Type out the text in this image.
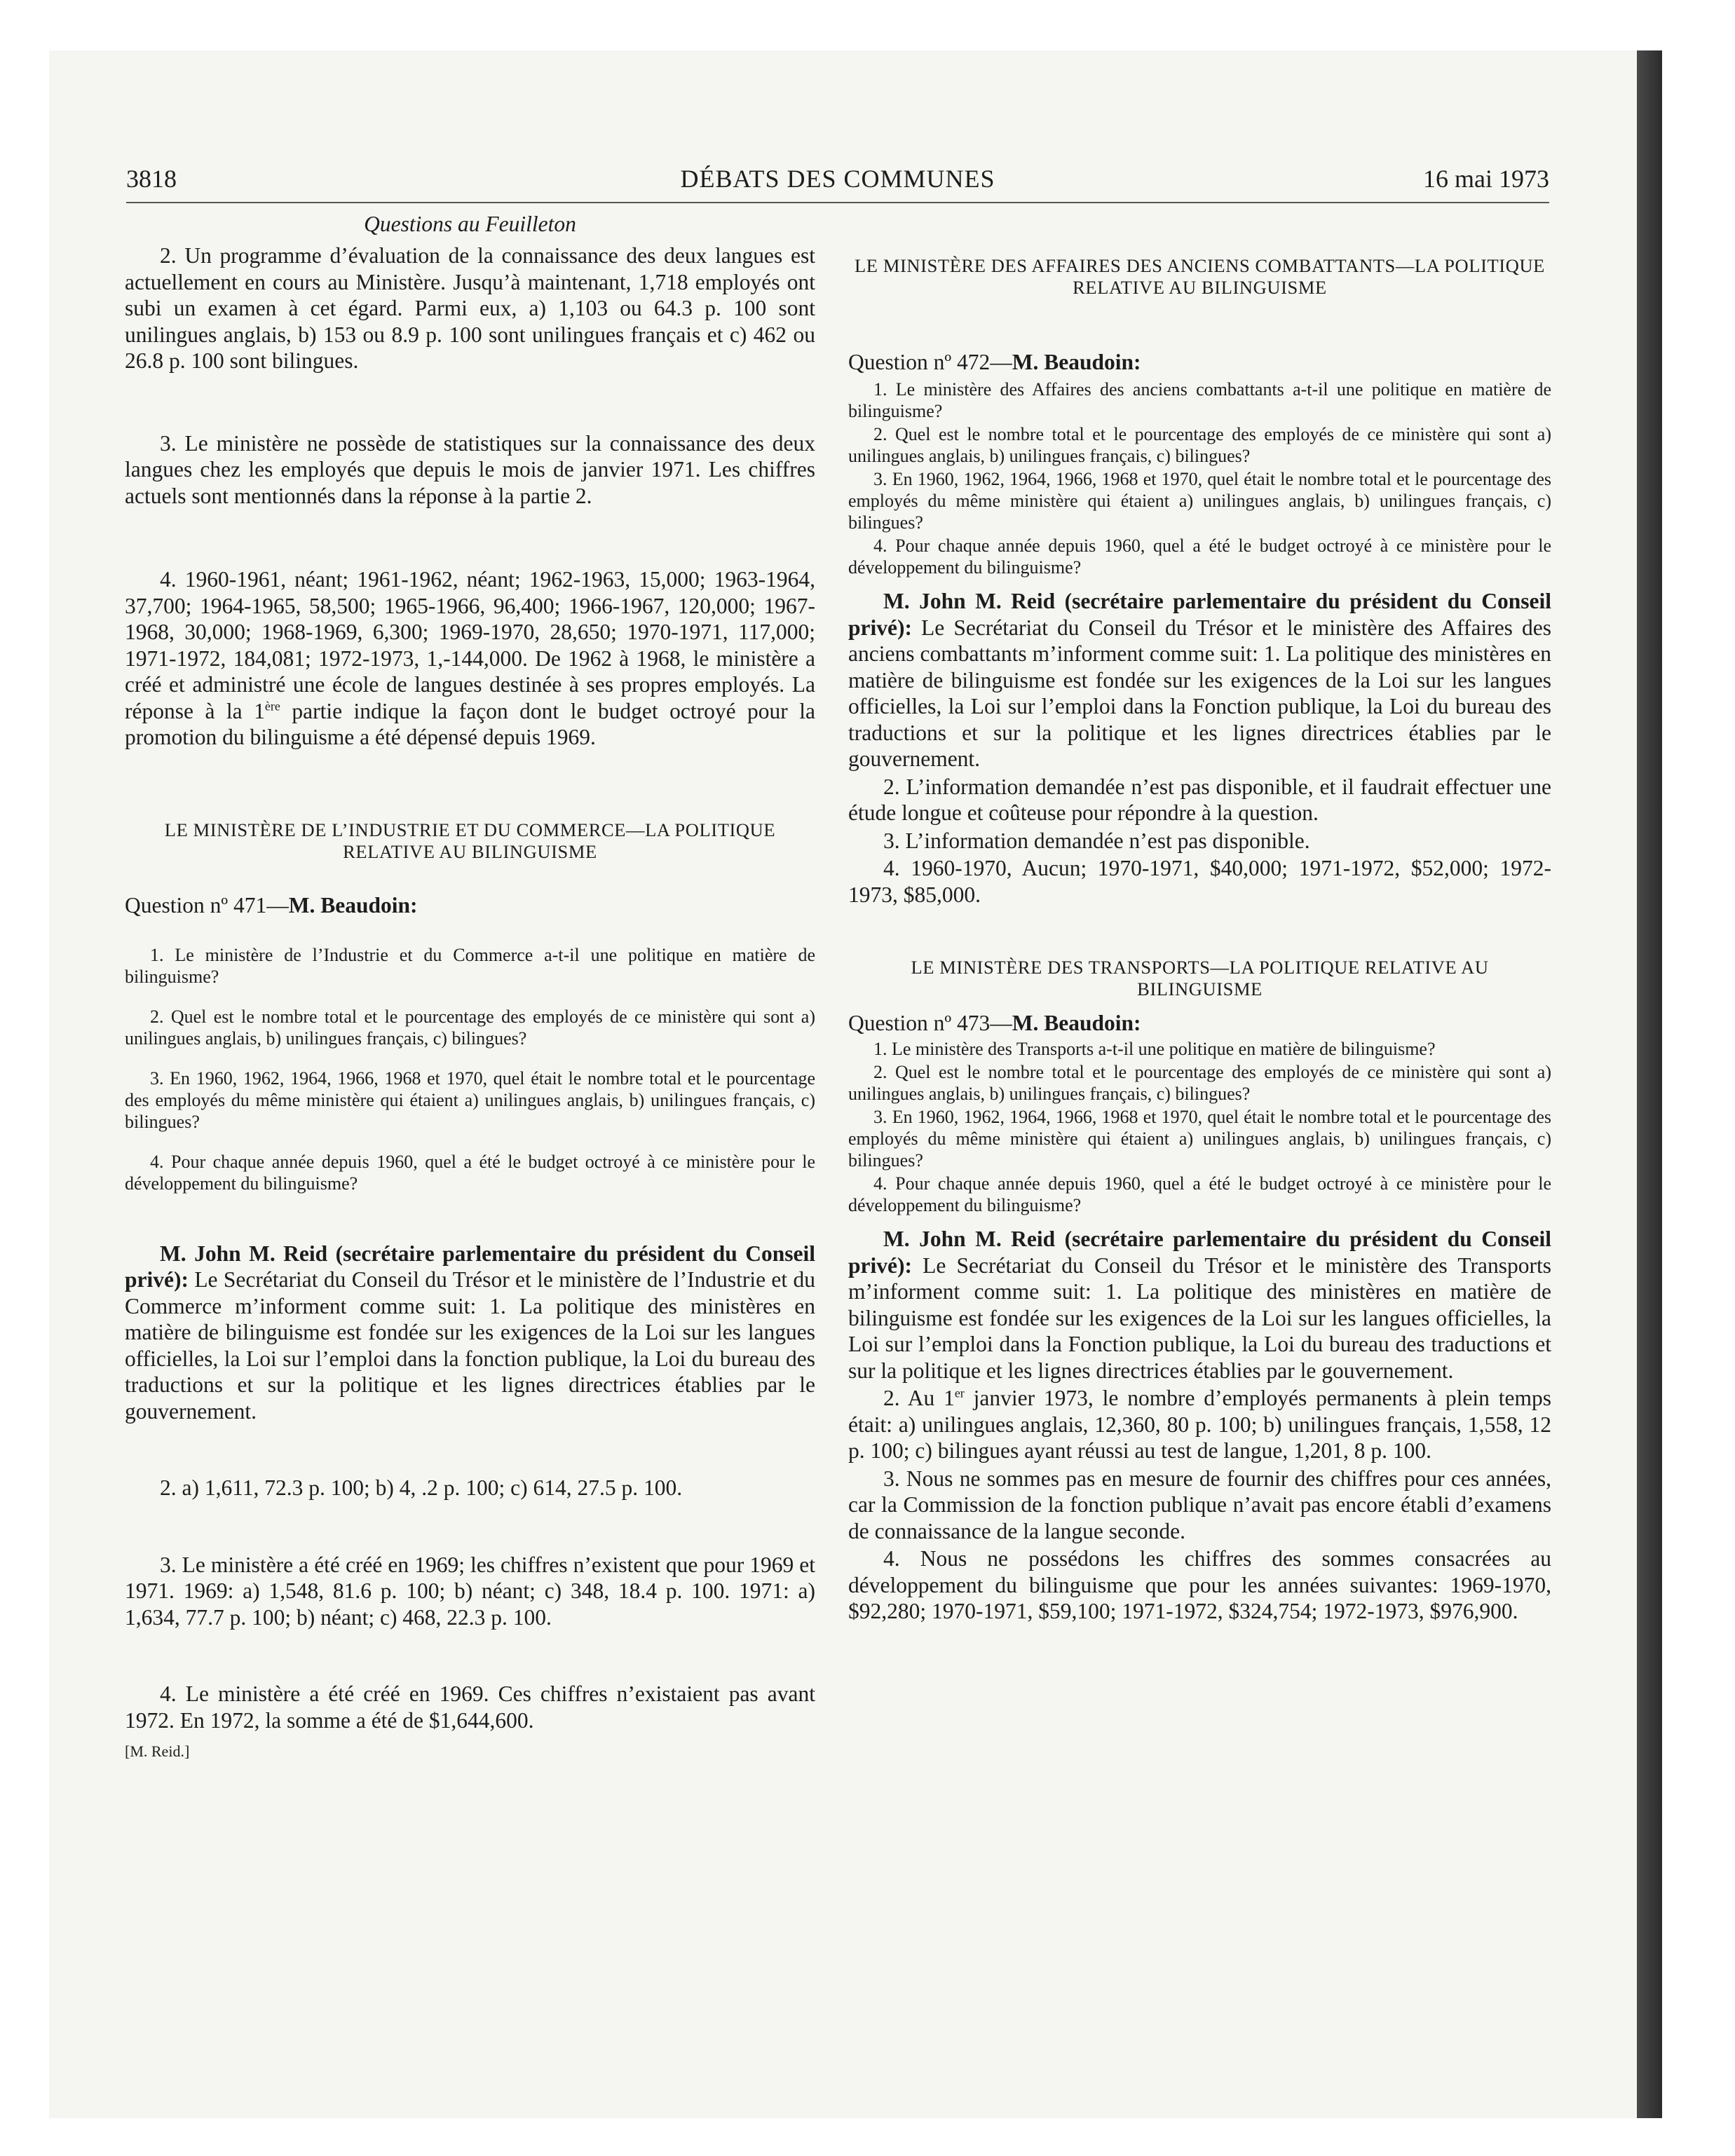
3818	DÉBATS DES COMMUNES	16 mai 1973

Questions au Feuilleton

2. Un programme d’évaluation de la connaissance des deux langues est actuellement en cours au Ministère. Jusqu’à maintenant, 1,718 employés ont subi un examen à cet égard. Parmi eux, a) 1,103 ou 64.3 p. 100 sont unilingues anglais, b) 153 ou 8.9 p. 100 sont unilingues français et c) 462 ou 26.8 p. 100 sont bilingues.

3. Le ministère ne possède de statistiques sur la connaissance des deux langues chez les employés que depuis le mois de janvier 1971. Les chiffres actuels sont mentionnés dans la réponse à la partie 2.

4. 1960-1961, néant; 1961-1962, néant; 1962-1963, 15,000; 1963-1964, 37,700; 1964-1965, 58,500; 1965-1966, 96,400; 1966-1967, 120,000; 1967-1968, 30,000; 1968-1969, 6,300; 1969-1970, 28,650; 1970-1971, 117,000; 1971-1972, 184,081; 1972-1973, 1,-144,000. De 1962 à 1968, le ministère a créé et administré une école de langues destinée à ses propres employés. La réponse à la 1ère partie indique la façon dont le budget octroyé pour la promotion du bilinguisme a été dépensé depuis 1969.

LE MINISTÈRE DE L’INDUSTRIE ET DU COMMERCE—LA POLITIQUE RELATIVE AU BILINGUISME

Question nº 471—M. Beaudoin:

1. Le ministère de l’Industrie et du Commerce a-t-il une politique en matière de bilinguisme?

2. Quel est le nombre total et le pourcentage des employés de ce ministère qui sont a) unilingues anglais, b) unilingues français, c) bilingues?

3. En 1960, 1962, 1964, 1966, 1968 et 1970, quel était le nombre total et le pourcentage des employés du même ministère qui étaient a) unilingues anglais, b) unilingues français, c) bilingues?

4. Pour chaque année depuis 1960, quel a été le budget octroyé à ce ministère pour le développement du bilinguisme?

M. John M. Reid (secrétaire parlementaire du président du Conseil privé): Le Secrétariat du Conseil du Trésor et le ministère de l’Industrie et du Commerce m’informent comme suit: 1. La politique des ministères en matière de bilinguisme est fondée sur les exigences de la Loi sur les langues officielles, la Loi sur l’emploi dans la fonction publique, la Loi du bureau des traductions et sur la politique et les lignes directrices établies par le gouvernement.

2. a) 1,611, 72.3 p. 100; b) 4, .2 p. 100; c) 614, 27.5 p. 100.

3. Le ministère a été créé en 1969; les chiffres n’existent que pour 1969 et 1971. 1969: a) 1,548, 81.6 p. 100; b) néant; c) 348, 18.4 p. 100. 1971: a) 1,634, 77.7 p. 100; b) néant; c) 468, 22.3 p. 100.

4. Le ministère a été créé en 1969. Ces chiffres n’existaient pas avant 1972. En 1972, la somme a été de $1,644,600.

[M. Reid.]

LE MINISTÈRE DES AFFAIRES DES ANCIENS COMBATTANTS—LA POLITIQUE RELATIVE AU BILINGUISME

Question nº 472—M. Beaudoin:

1. Le ministère des Affaires des anciens combattants a-t-il une politique en matière de bilinguisme?

2. Quel est le nombre total et le pourcentage des employés de ce ministère qui sont a) unilingues anglais, b) unilingues français, c) bilingues?

3. En 1960, 1962, 1964, 1966, 1968 et 1970, quel était le nombre total et le pourcentage des employés du même ministère qui étaient a) unilingues anglais, b) unilingues français, c) bilingues?

4. Pour chaque année depuis 1960, quel a été le budget octroyé à ce ministère pour le développement du bilinguisme?

M. John M. Reid (secrétaire parlementaire du président du Conseil privé): Le Secrétariat du Conseil du Trésor et le ministère des Affaires des anciens combattants m’informent comme suit: 1. La politique des ministères en matière de bilinguisme est fondée sur les exigences de la Loi sur les langues officielles, la Loi sur l’emploi dans la Fonction publique, la Loi du bureau des traductions et sur la politique et les lignes directrices établies par le gouvernement.

2. L’information demandée n’est pas disponible, et il faudrait effectuer une étude longue et coûteuse pour répondre à la question.

3. L’information demandée n’est pas disponible.

4. 1960-1970, Aucun; 1970-1971, $40,000; 1971-1972, $52,000; 1972-1973, $85,000.

LE MINISTÈRE DES TRANSPORTS—LA POLITIQUE RELATIVE AU BILINGUISME

Question nº 473—M. Beaudoin:

1. Le ministère des Transports a-t-il une politique en matière de bilinguisme?

2. Quel est le nombre total et le pourcentage des employés de ce ministère qui sont a) unilingues anglais, b) unilingues français, c) bilingues?

3. En 1960, 1962, 1964, 1966, 1968 et 1970, quel était le nombre total et le pourcentage des employés du même ministère qui étaient a) unilingues anglais, b) unilingues français, c) bilingues?

4. Pour chaque année depuis 1960, quel a été le budget octroyé à ce ministère pour le développement du bilinguisme?

M. John M. Reid (secrétaire parlementaire du président du Conseil privé): Le Secrétariat du Conseil du Trésor et le ministère des Transports m’informent comme suit: 1. La politique des ministères en matière de bilinguisme est fondée sur les exigences de la Loi sur les langues officielles, la Loi sur l’emploi dans la Fonction publique, la Loi du bureau des traductions et sur la politique et les lignes directrices établies par le gouvernement.

2. Au 1er janvier 1973, le nombre d’employés permanents à plein temps était: a) unilingues anglais, 12,360, 80 p. 100; b) unilingues français, 1,558, 12 p. 100; c) bilingues ayant réussi au test de langue, 1,201, 8 p. 100.

3. Nous ne sommes pas en mesure de fournir des chiffres pour ces années, car la Commission de la fonction publique n’avait pas encore établi d’examens de connaissance de la langue seconde.

4. Nous ne possédons les chiffres des sommes consacrées au développement du bilinguisme que pour les années suivantes: 1969-1970, $92,280; 1970-1971, $59,100; 1971-1972, $324,754; 1972-1973, $976,900.
